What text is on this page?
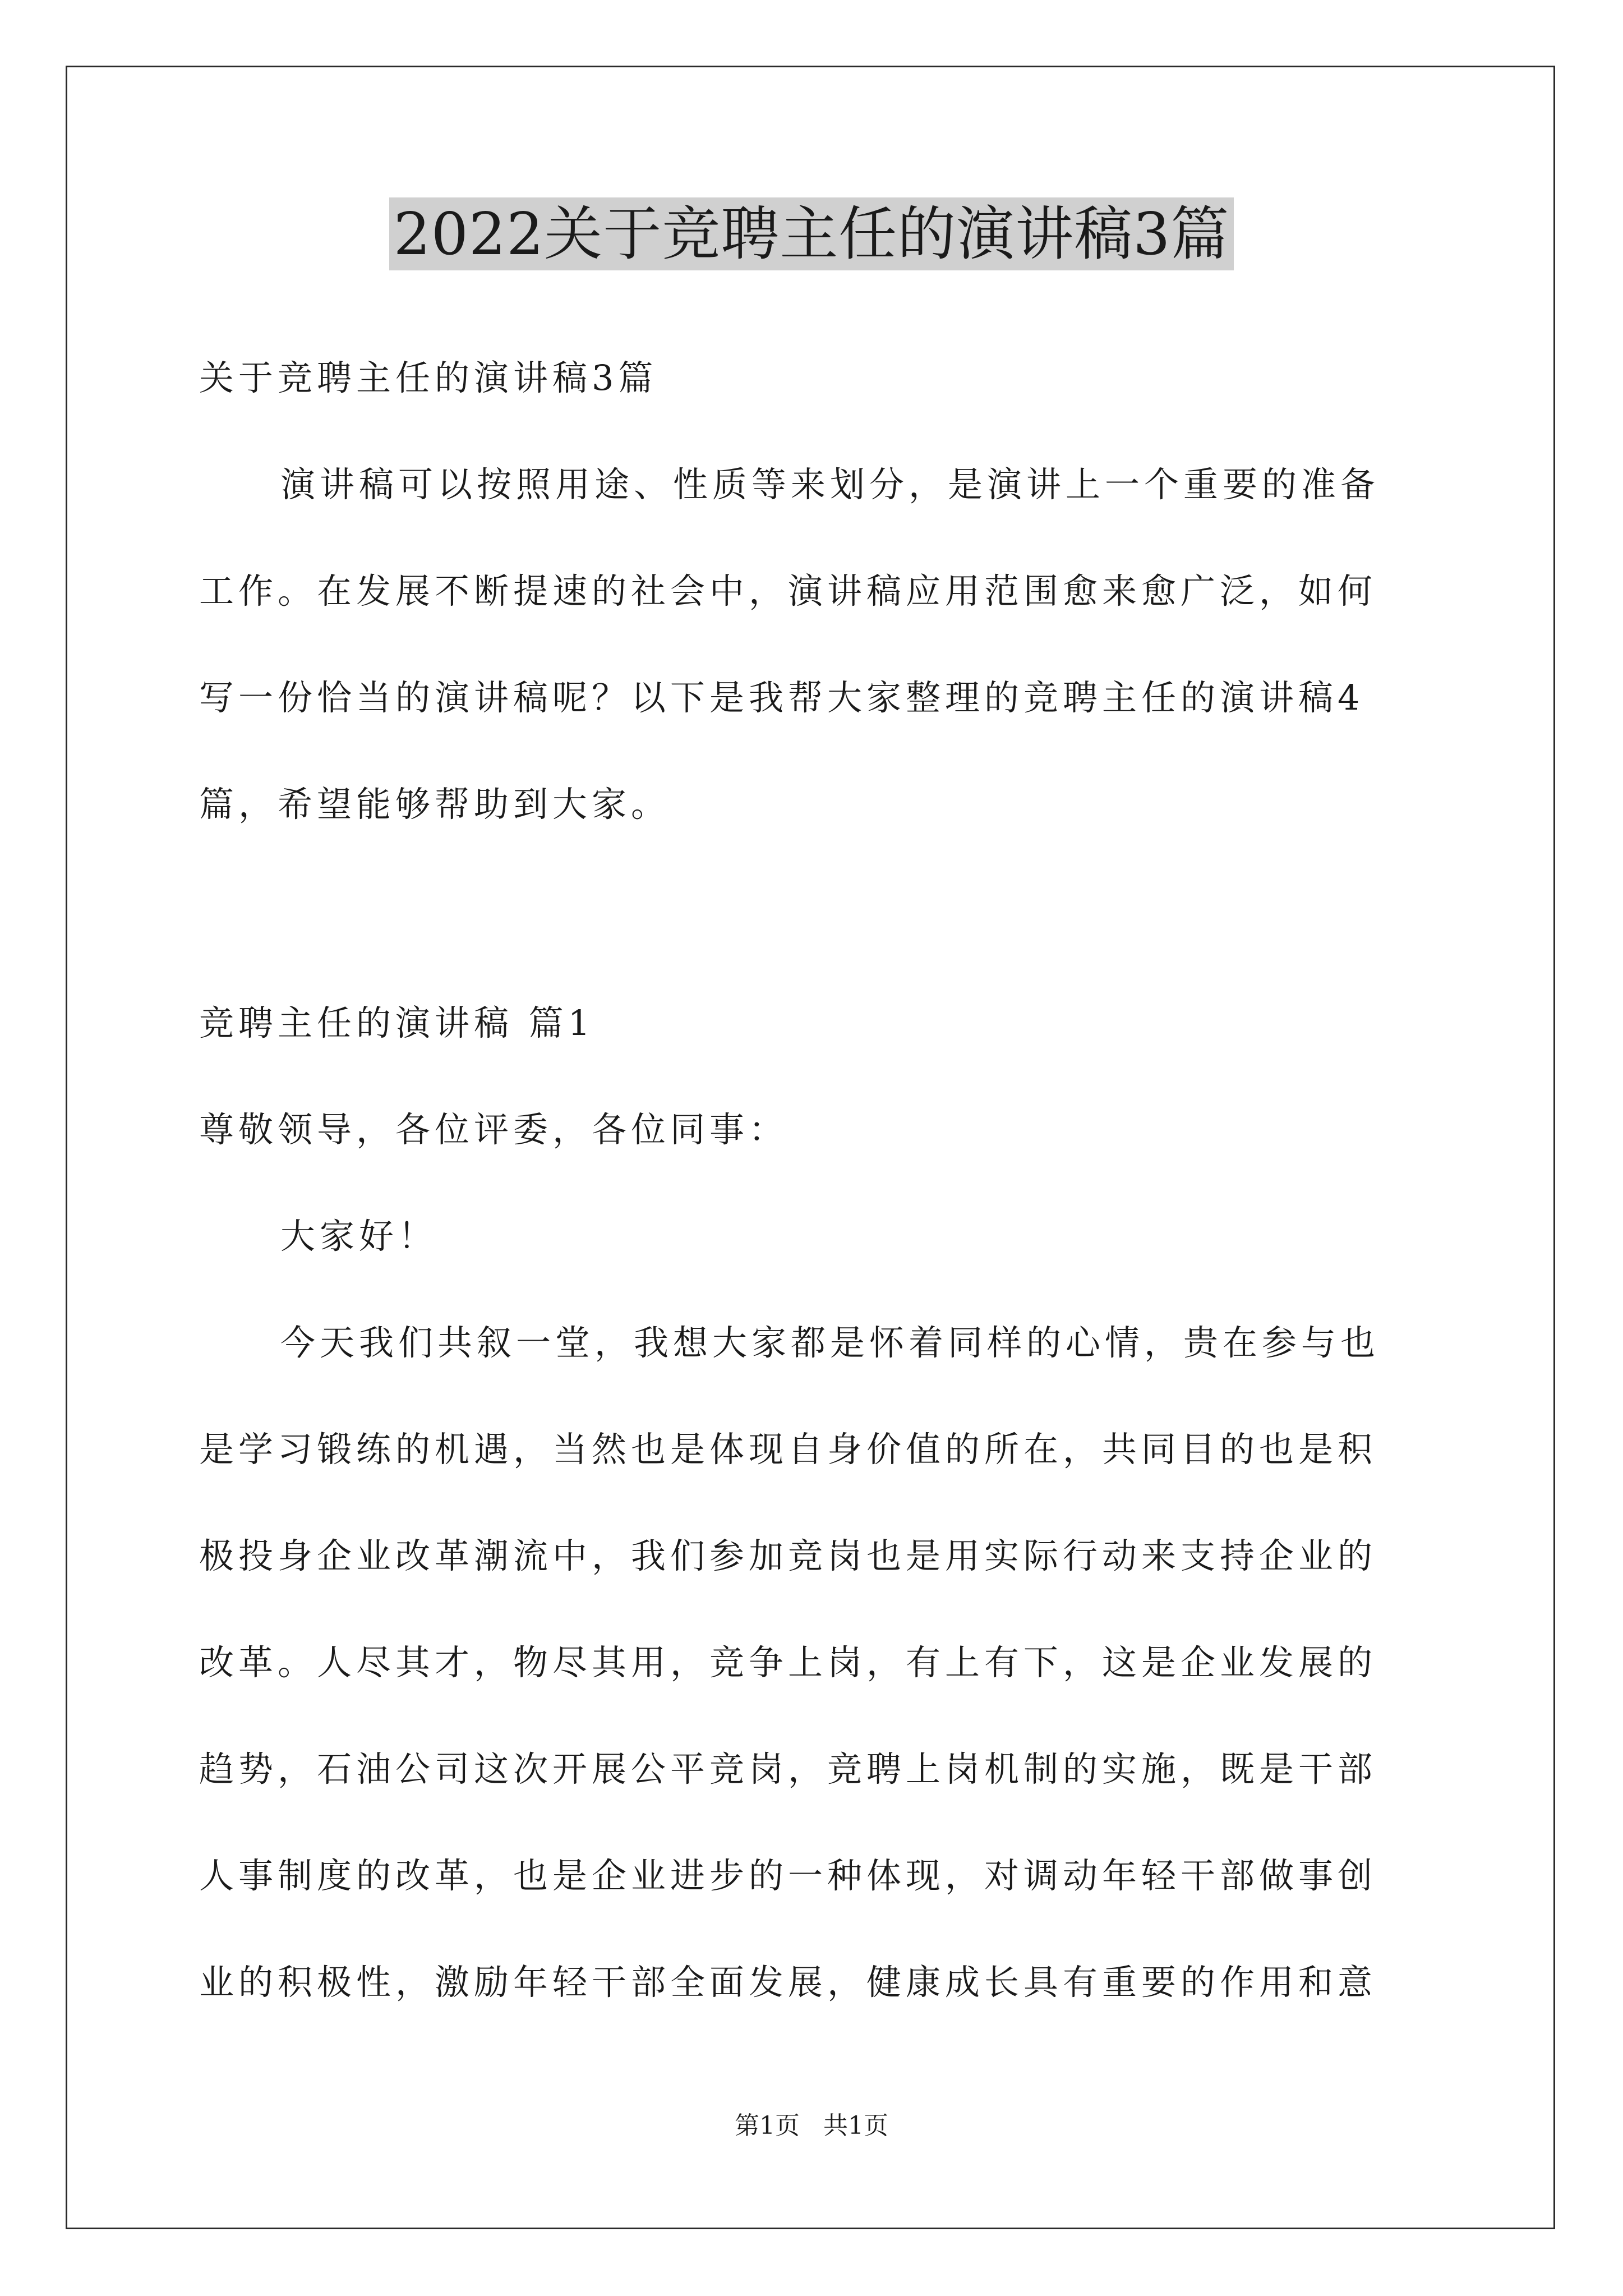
2022关于竞聘主任的演讲稿3篇
关于竞聘主任的演讲稿3篇
演讲稿可以按照用途、性质等来划分，是演讲上一个重要的准备
工作。在发展不断提速的社会中，演讲稿应用范围愈来愈广泛，如何
写一份恰当的演讲稿呢？以下是我帮大家整理的竞聘主任的演讲稿4
篇，希望能够帮助到大家。
竞聘主任的演讲稿 篇1
尊敬领导，各位评委，各位同事：
大家好！
今天我们共叙一堂，我想大家都是怀着同样的心情，贵在参与也
是学习锻练的机遇，当然也是体现自身价值的所在，共同目的也是积
极投身企业改革潮流中，我们参加竞岗也是用实际行动来支持企业的
改革。人尽其才，物尽其用，竞争上岗，有上有下，这是企业发展的
趋势，石油公司这次开展公平竞岗，竞聘上岗机制的实施，既是干部
人事制度的改革，也是企业进步的一种体现，对调动年轻干部做事创
业的积极性，激励年轻干部全面发展，健康成长具有重要的作用和意
第1页   共1页
